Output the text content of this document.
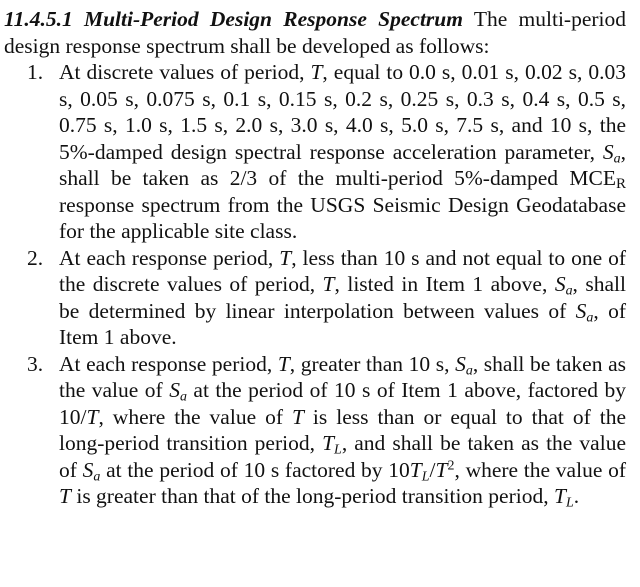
11.4.5.1 Multi-Period Design Response Spectrum The multi-period design response spectrum shall be developed as follows:

1. At discrete values of period, T, equal to 0.0 s, 0.01 s, 0.02 s, 0.03 s, 0.05 s, 0.075 s, 0.1 s, 0.15 s, 0.2 s, 0.25 s, 0.3 s, 0.4 s, 0.5 s, 0.75 s, 1.0 s, 1.5 s, 2.0 s, 3.0 s, 4.0 s, 5.0 s, 7.5 s, and 10 s, the 5%-damped design spectral response acceleration parameter, $S_a$, shall be taken as 2/3 of the multi-period 5%-damped MCER response spectrum from the USGS Seismic Design Geodatabase for the applicable site class.
2. At each response period, T, less than 10 s and not equal to one of the discrete values of period, T, listed in Item 1 above, $S_a$, shall be determined by linear interpolation between values of $S_a$, of Item 1 above.
3. At each response period, T, greater than 10 s, $S_a$, shall be taken as the value of $S_a$ at the period of 10 s of Item 1 above, factored by 10/T, where the value of T is less than or equal to that of the long-period transition period, $T_L$, and shall be taken as the value of $S_a$ at the period of 10 s factored by $10T_L/T^2$, where the value of T is greater than that of the long-period transition period, $T_L$.
